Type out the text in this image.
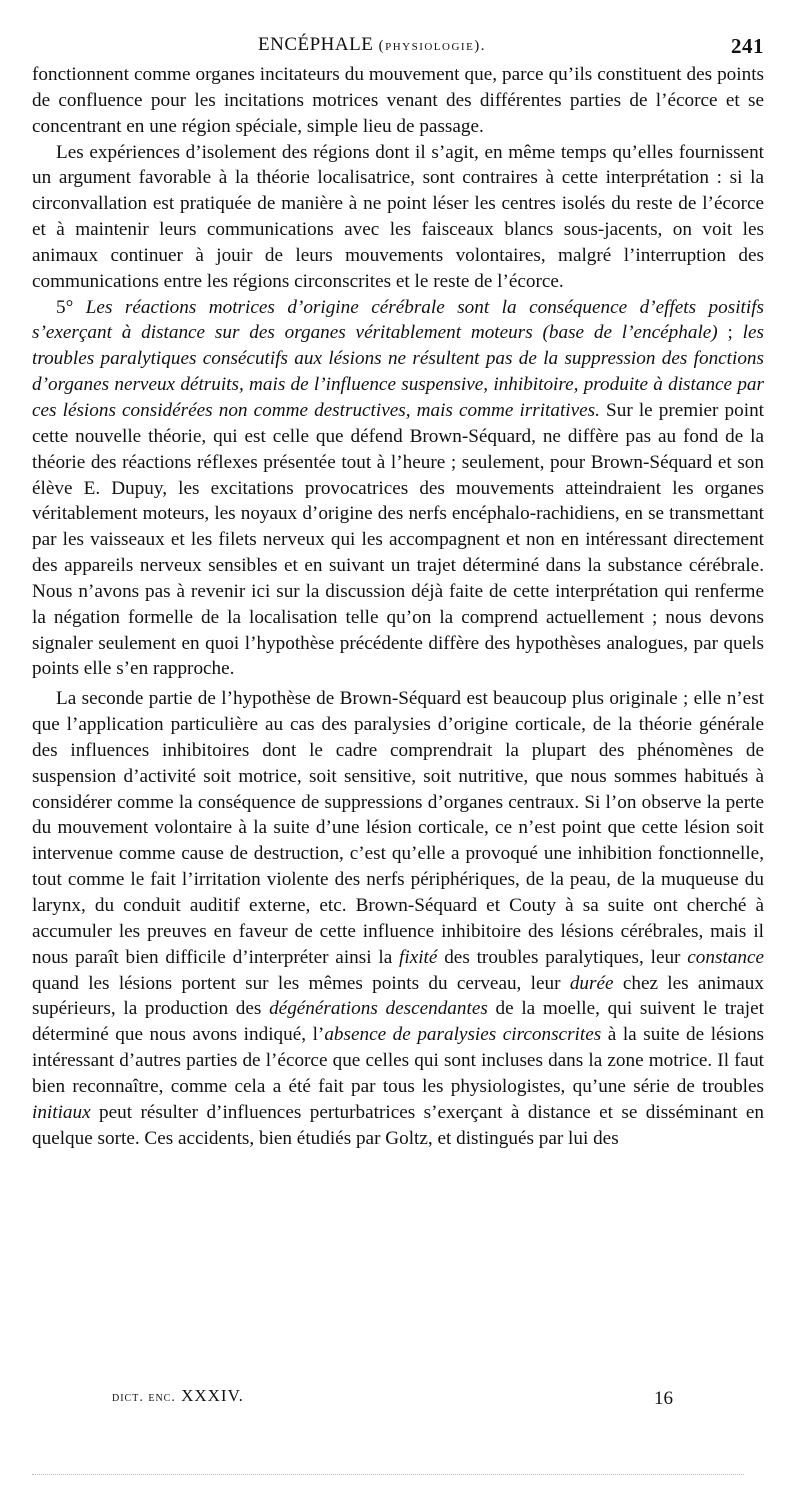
ENCÉPHALE (physiologie).	241

fonctionnent comme organes incitateurs du mouvement que, parce qu’ils constituent des points de confluence pour les incitations motrices venant des différentes parties de l’écorce et se concentrant en une région spéciale, simple lieu de passage.

Les expériences d’isolement des régions dont il s’agit, en même temps qu’elles fournissent un argument favorable à la théorie localisatrice, sont contraires à cette interprétation : si la circonvallation est pratiquée de manière à ne point léser les centres isolés du reste de l’écorce et à maintenir leurs communications avec les faisceaux blancs sous-jacents, on voit les animaux continuer à jouir de leurs mouvements volontaires, malgré l’interruption des communications entre les régions circonscrites et le reste de l’écorce.

5° Les réactions motrices d’origine cérébrale sont la conséquence d’effets positifs s’exerçant à distance sur des organes véritablement moteurs (base de l’encéphale) ; les troubles paralytiques consécutifs aux lésions ne résultent pas de la suppression des fonctions d’organes nerveux détruits, mais de l’influence suspensive, inhibitoire, produite à distance par ces lésions considérées non comme destructives, mais comme irritatives. Sur le premier point cette nouvelle théorie, qui est celle que défend Brown-Séquard, ne diffère pas au fond de la théorie des réactions réflexes présentée tout à l’heure ; seulement, pour Brown-Séquard et son élève E. Dupuy, les excitations provocatrices des mouvements atteindraient les organes véritablement moteurs, les noyaux d’origine des nerfs encéphalo-rachidiens, en se transmettant par les vaisseaux et les filets nerveux qui les accompagnent et non en intéressant directement des appareils nerveux sensibles et en suivant un trajet déterminé dans la substance cérébrale. Nous n’avons pas à revenir ici sur la discussion déjà faite de cette interprétation qui renferme la négation formelle de la localisation telle qu’on la comprend actuellement ; nous devons signaler seulement en quoi l’hypothèse précédente diffère des hypothèses analogues, par quels points elle s’en rapproche.

La seconde partie de l’hypothèse de Brown-Séquard est beaucoup plus originale ; elle n’est que l’application particulière au cas des paralysies d’origine corticale, de la théorie générale des influences inhibitoires dont le cadre comprendrait la plupart des phénomènes de suspension d’activité soit motrice, soit sensitive, soit nutritive, que nous sommes habitués à considérer comme la conséquence de suppressions d’organes centraux. Si l’on observe la perte du mouvement volontaire à la suite d’une lésion corticale, ce n’est point que cette lésion soit intervenue comme cause de destruction, c’est qu’elle a provoqué une inhibition fonctionnelle, tout comme le fait l’irritation violente des nerfs périphériques, de la peau, de la muqueuse du larynx, du conduit auditif externe, etc. Brown-Séquard et Couty à sa suite ont cherché à accumuler les preuves en faveur de cette influence inhibitoire des lésions cérébrales, mais il nous paraît bien difficile d’interpréter ainsi la fixité des troubles paralytiques, leur constance quand les lésions portent sur les mêmes points du cerveau, leur durée chez les animaux supérieurs, la production des dégénérations descendantes de la moelle, qui suivent le trajet déterminé que nous avons indiqué, l’absence de paralysies circonscrites à la suite de lésions intéressant d’autres parties de l’écorce que celles qui sont incluses dans la zone motrice. Il faut bien reconnaître, comme cela a été fait par tous les physiologistes, qu’une série de troubles initiaux peut résulter d’influences perturbatrices s’exerçant à distance et se disséminant en quelque sorte. Ces accidents, bien étudiés par Goltz, et distingués par lui des

dict. enc. XXXIV.	16
